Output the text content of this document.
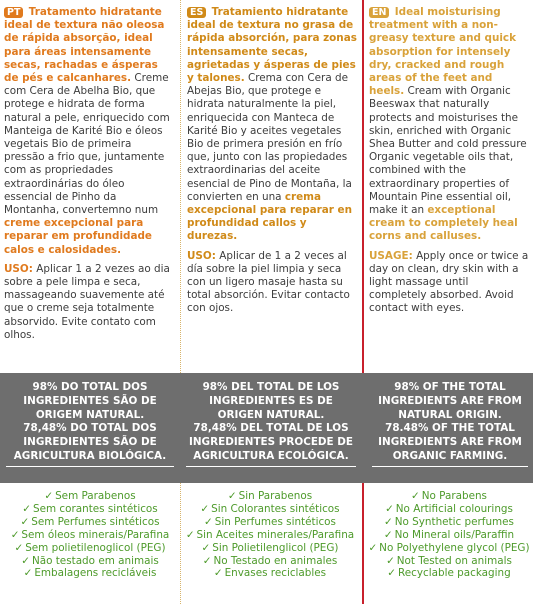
PT Tratamento hidratante ideal de textura não oleosa de rápida absorção, ideal para áreas intensamente secas, rachadas e ásperas de pés e calcanhares. Creme com Cera de Abelha Bio, que protege e hidrata de forma natural a pele, enriquecido com Manteiga de Karité Bio e óleos vegetais Bio de primeira pressão a frio que, juntamente com as propriedades extraordinárias do óleo essencial de Pinho da Montanha, convertemno num creme excepcional para reparar em profundidade calos e calosidades.

USO: Aplicar 1 a 2 vezes ao dia sobre a pele limpa e seca, massageando suavemente até que o creme seja totalmente absorvido. Evite contato com olhos.

ES Tratamiento hidratante ideal de textura no grasa de rápida absorción, para zonas intensamente secas, agrietadas y ásperas de pies y talones. Crema con Cera de Abejas Bio, que protege e hidrata naturalmente la piel, enriquecida con Manteca de Karité Bio y aceites vegetales Bio de primera presión en frío que, junto con las propiedades extraordinarias del aceite esencial de Pino de Montaña, la convierten en una crema excepcional para reparar en profundidad callos y durezas.

USO: Aplicar de 1 a 2 veces al día sobre la piel limpia y seca con un ligero masaje hasta su total absorción. Evitar contacto con ojos.

EN Ideal moisturising treatment with a non-greasy texture and quick absorption for intensely dry, cracked and rough areas of the feet and heels. Cream with Organic Beeswax that naturally protects and moisturises the skin, enriched with Organic Shea Butter and cold pressure Organic vegetable oils that, combined with the extraordinary properties of Mountain Pine essential oil, make it an exceptional cream to completely heal corns and calluses.

USAGE: Apply once or twice a day on clean, dry skin with a light massage until completely absorbed. Avoid contact with eyes.

98% DO TOTAL DOS INGREDIENTES SÃO DE ORIGEM NATURAL.

78,48% DO TOTAL DOS INGREDIENTES SÃO DE AGRICULTURA BIOLÓGICA.

98% DEL TOTAL DE LOS INGREDIENTES ES DE ORIGEN NATURAL.

78,48% DEL TOTAL DE LOS INGREDIENTES PROCEDE DE AGRICULTURA ECOLÓGICA.

98% OF THE TOTAL INGREDIENTS ARE FROM NATURAL ORIGIN.

78.48% OF THE TOTAL INGREDIENTS ARE FROM ORGANIC FARMING.

✓ Sem Parabenos
✓ Sem corantes sintéticos
✓ Sem Perfumes sintéticos
✓ Sem óleos minerais/Parafina
✓ Sem polietilenoglicol (PEG)
✓ Não testado em animais
✓ Embalagens recicláveis
✓ Sin Parabenos
✓ Sin Colorantes sintéticos
✓ Sin Perfumes sintéticos
✓ Sin Aceites minerales/Parafina
✓ Sin Polietilenglicol (PEG)
✓ No Testado en animales
✓ Envases reciclables
✓ No Parabens
✓ No Artificial colourings
✓ No Synthetic perfumes
✓ No Mineral oils/Paraffin
✓ No Polyethylene glycol (PEG)
✓ Not Tested on animals
✓ Recyclable packaging
